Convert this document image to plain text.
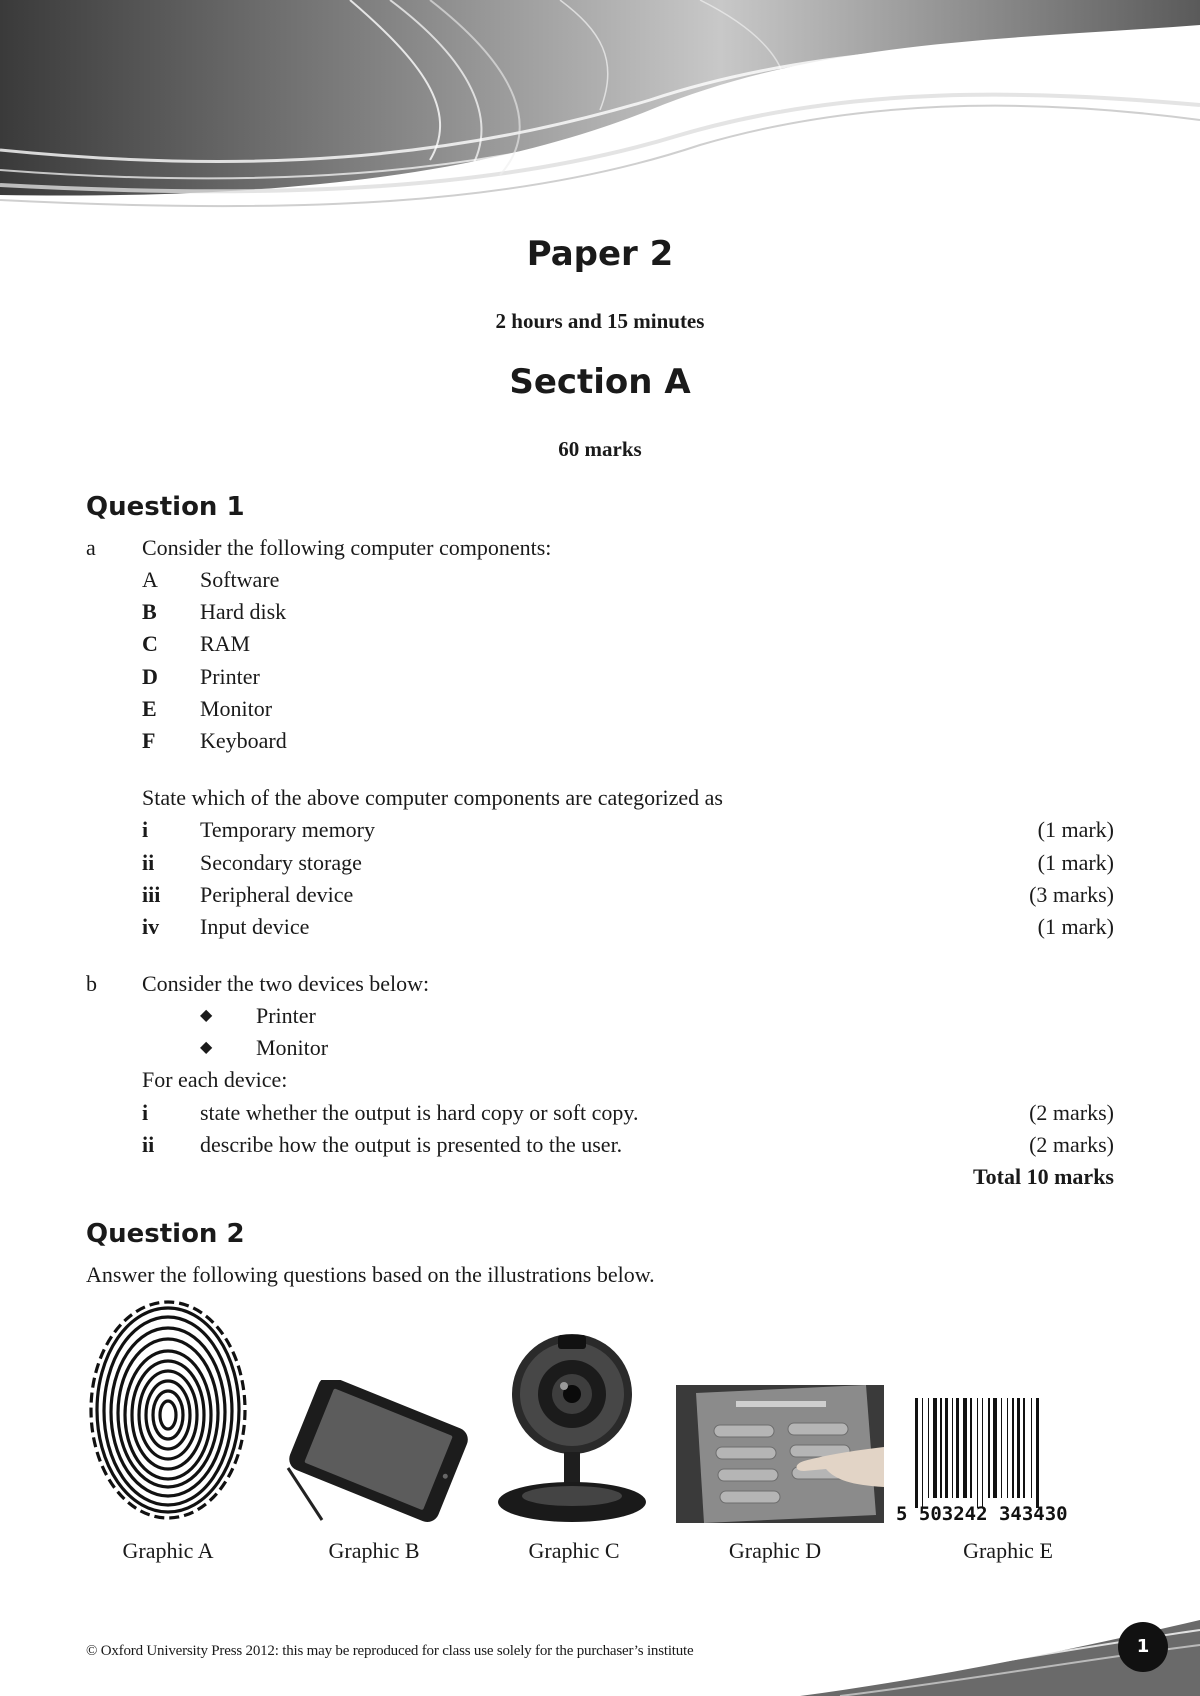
Paper 2
2 hours and 15 minutes
Section A
60 marks
Question 1
a Consider the following computer components:
A Software
B Hard disk
C RAM
D Printer
E Monitor
F Keyboard
State which of the above computer components are categorized as
i Temporary memory	(1 mark)
ii Secondary storage	(1 mark)
iii Peripheral device	(3 marks)
iv Input device	(1 mark)
b Consider the two devices below:
◆ Printer
◆ Monitor
For each device:
i state whether the output is hard copy or soft copy.	(2 marks)
ii describe how the output is presented to the user.	(2 marks)
Total 10 marks
Question 2
Answer the following questions based on the illustrations below.
5 503242 343430
Graphic A	Graphic B	Graphic C	Graphic D	Graphic E
© Oxford University Press 2012: this may be reproduced for class use solely for the purchaser’s institute	1
